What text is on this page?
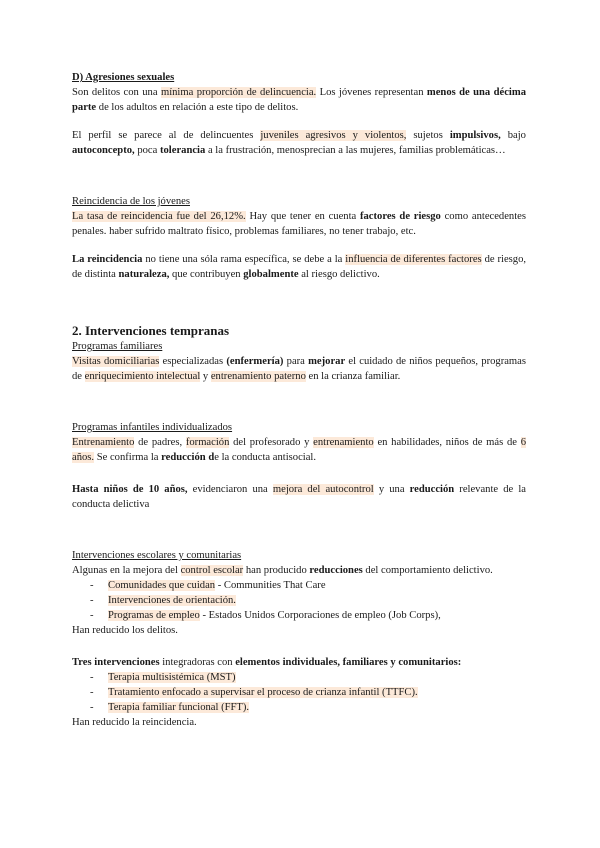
D) Agresiones sexuales

Son delitos con una mínima proporción de delincuencia. Los jóvenes representan menos de una décima parte de los adultos en relación a este tipo de delitos.

El perfil se parece al de delincuentes juveniles agresivos y violentos, sujetos impulsivos, bajo autoconcepto, poca tolerancia a la frustración, menosprecian a las mujeres, familias problemáticas…

Reincidencia de los jóvenes

La tasa de reincidencia fue del 26,12%. Hay que tener en cuenta factores de riesgo como antecedentes penales. haber sufrido maltrato físico, problemas familiares, no tener trabajo, etc.

La reincidencia no tiene una sóla rama específica, se debe a la influencia de diferentes factores de riesgo, de distinta naturaleza, que contribuyen globalmente al riesgo delictivo.

2. Intervenciones tempranas

Programas familiares

Visitas domiciliarias especializadas (enfermería) para mejorar el cuidado de niños pequeños, programas de enriquecimiento intelectual y entrenamiento paterno en la crianza familiar.

Programas infantiles individualizados

Entrenamiento de padres, formación del profesorado y entrenamiento en habilidades, niños de más de 6 años. Se confirma la reducción de la conducta antisocial.

Hasta niños de 10 años, evidenciaron una mejora del autocontrol y una reducción relevante de la conducta delictiva

Intervenciones escolares y comunitarias

Algunas en la mejora del control escolar han producido reducciones del comportamiento delictivo.

- Comunidades que cuidan - Communities That Care
- Intervenciones de orientación.
- Programas de empleo - Estados Unidos Corporaciones de empleo (Job Corps),

Han reducido los delitos.

Tres intervenciones integradoras con elementos individuales, familiares y comunitarios:

- Terapia multisistémica (MST)
- Tratamiento enfocado a supervisar el proceso de crianza infantil (TTFC).
- Terapia familiar funcional (FFT).

Han reducido la reincidencia.
